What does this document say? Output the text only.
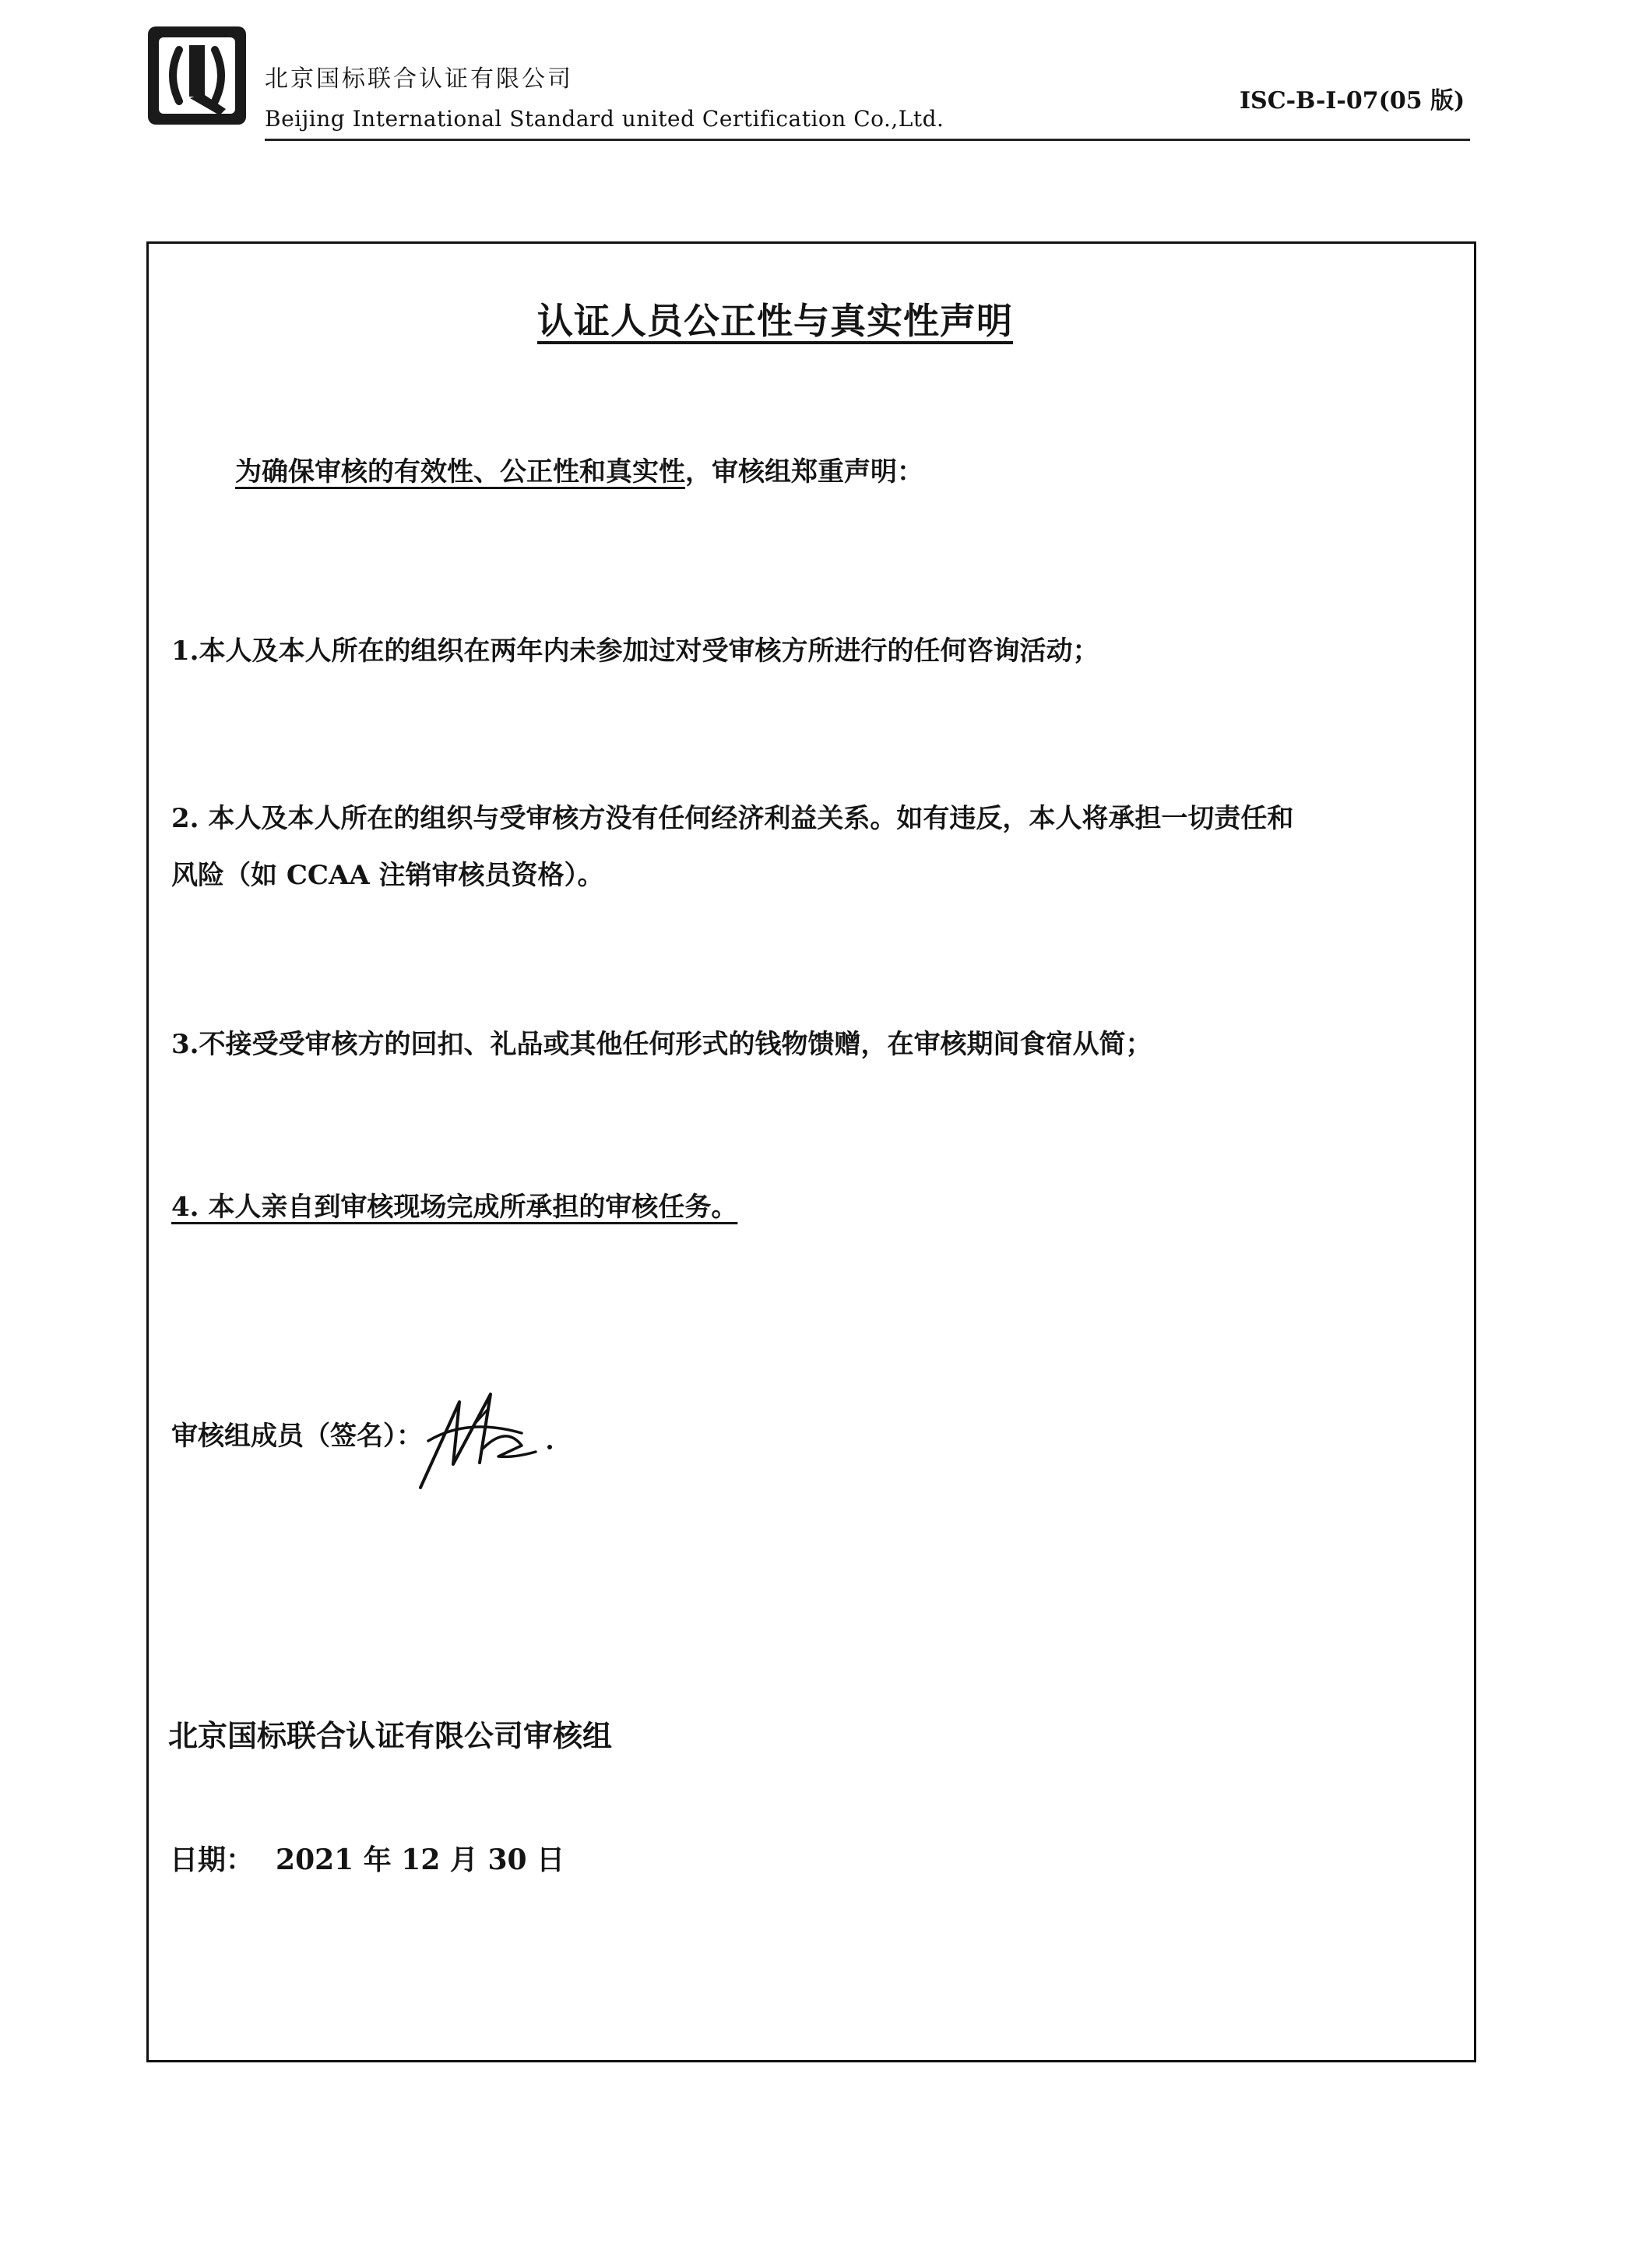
北京国标联合认证有限公司
Beijing International Standard united Certification Co.,Ltd.
ISC-B-I-07(05 版)
认证人员公正性与真实性声明
为确保审核的有效性、公正性和真实性，审核组郑重声明：
1.本人及本人所在的组织在两年内未参加过对受审核方所进行的任何咨询活动；
2. 本人及本人所在的组织与受审核方没有任何经济利益关系。如有违反，本人将承担一切责任和
风险（如 CCAA 注销审核员资格）。
3.不接受受审核方的回扣、礼品或其他任何形式的钱物馈赠，在审核期间食宿从简；
4. 本人亲自到审核现场完成所承担的审核任务。
审核组成员（签名）：
北京国标联合认证有限公司审核组
日期： 2021 年 12 月 30 日
